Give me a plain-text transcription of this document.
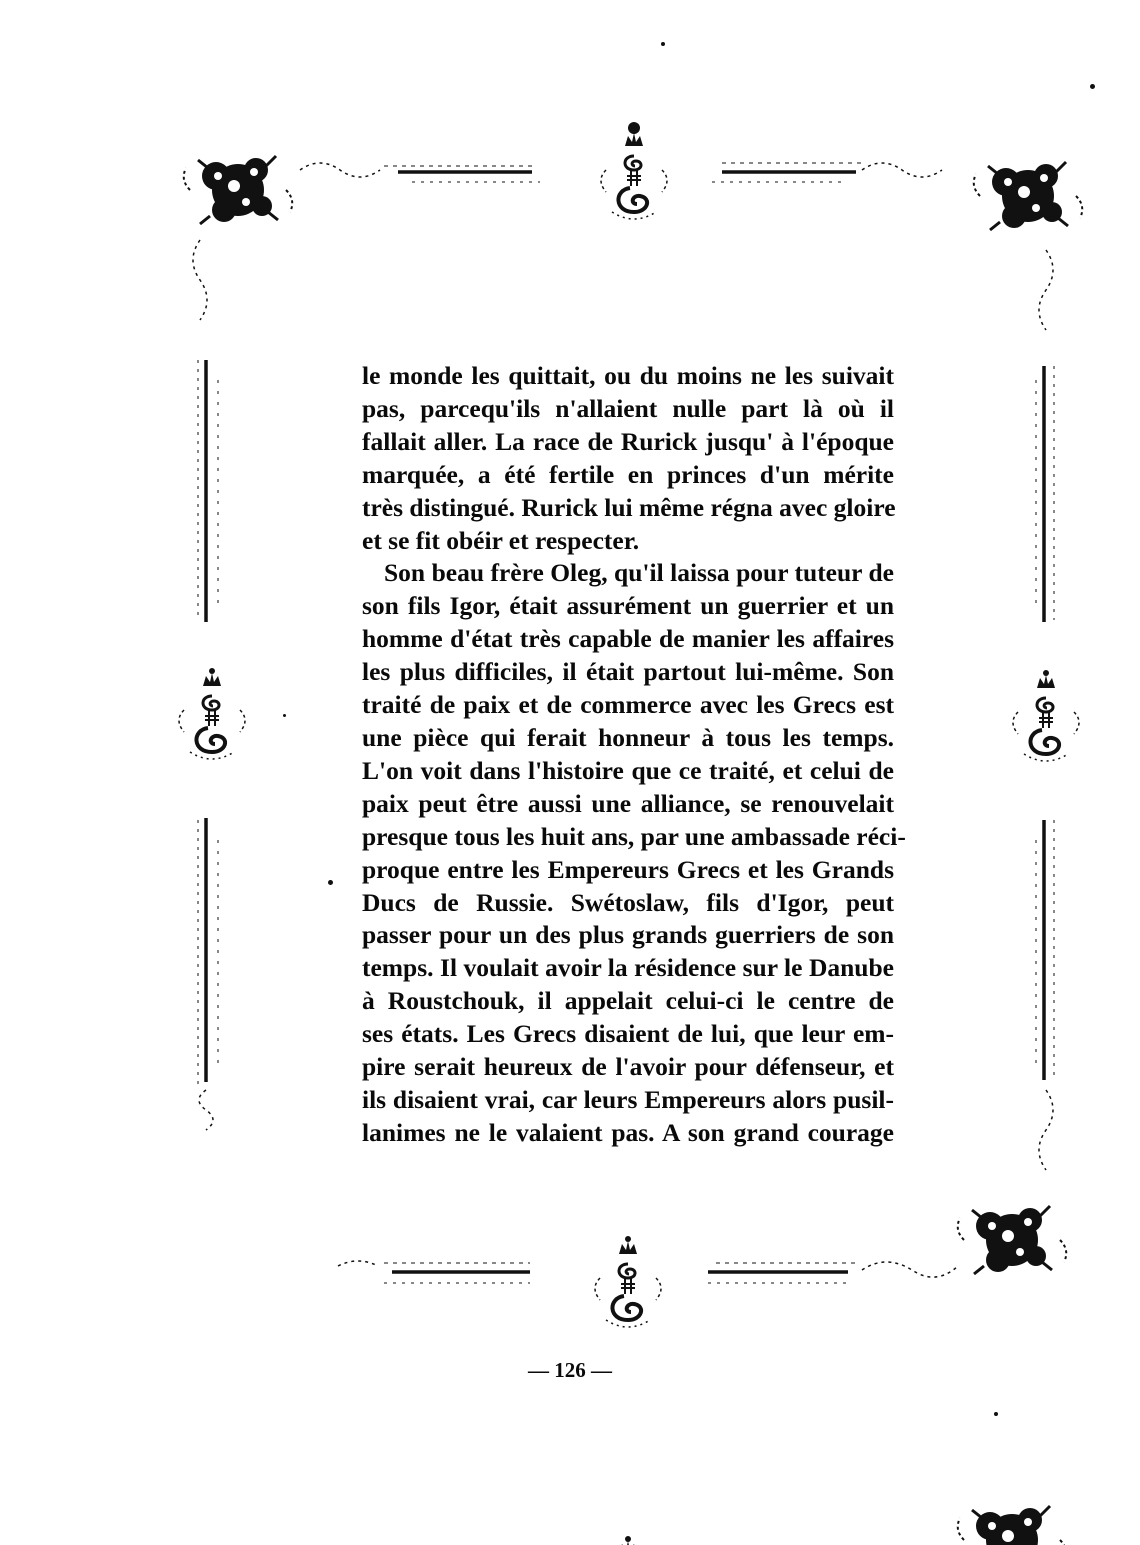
le monde les quittait, ou du moins ne les suivait
pas, parcequ'ils n'allaient nulle part là où il
fallait aller. La race de Rurick jusqu' à l'époque
marquée, a été fertile en princes d'un mérite
très distingué. Rurick lui même régna avec gloire
et se fit obéir et respecter.
Son beau frère Oleg, qu'il laissa pour tuteur de
son fils Igor, était assurément un guerrier et un
homme d'état très capable de manier les affaires
les plus difficiles, il était partout lui-même. Son
traité de paix et de commerce avec les Grecs est
une pièce qui ferait honneur à tous les temps.
L'on voit dans l'histoire que ce traité, et celui de
paix peut être aussi une alliance, se renouvelait
presque tous les huit ans, par une ambassade réci-
proque entre les Empereurs Grecs et les Grands
Ducs de Russie. Swétoslaw, fils d'Igor, peut
passer pour un des plus grands guerriers de son
temps. Il voulait avoir la résidence sur le Danube
à Roustchouk, il appelait celui-ci le centre de
ses états. Les Grecs disaient de lui, que leur em-
pire serait heureux de l'avoir pour défenseur, et
ils disaient vrai, car leurs Empereurs alors pusil-
lanimes ne le valaient pas. A son grand courage
— 126 —
